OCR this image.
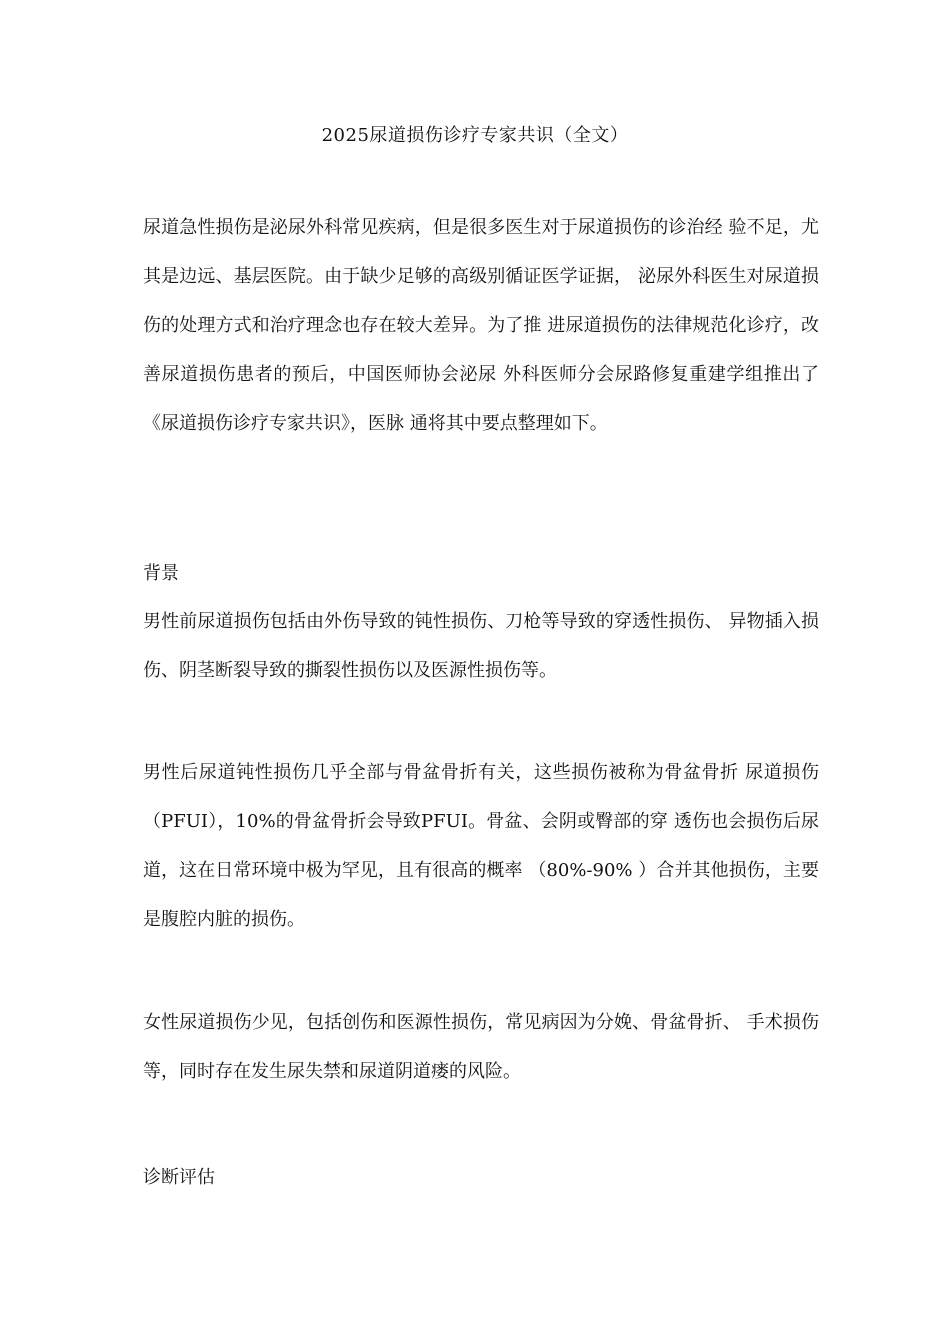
2025尿道损伤诊疗专家共识（全文）

尿道急性损伤是泌尿外科常见疾病，但是很多医生对于尿道损伤的诊治经 验不足，尤其是边远、基层医院。由于缺少足够的高级别循证医学证据， 泌尿外科医生对尿道损伤的处理方式和治疗理念也存在较大差异。为了推 进尿道损伤的法律规范化诊疗，改善尿道损伤患者的预后，中国医师协会泌尿 外科医师分会尿路修复重建学组推出了《尿道损伤诊疗专家共识》，医脉 通将其中要点整理如下。

背景

男性前尿道损伤包括由外伤导致的钝性损伤、刀枪等导致的穿透性损伤、 异物插入损伤、阴茎断裂导致的撕裂性损伤以及医源性损伤等。

男性后尿道钝性损伤几乎全部与骨盆骨折有关，这些损伤被称为骨盆骨折 尿道损伤（PFUI），10%的骨盆骨折会导致PFUI。骨盆、会阴或臀部的穿 透伤也会损伤后尿道，这在日常环境中极为罕见，且有很高的概率 （80%-90% ）合并其他损伤，主要是腹腔内脏的损伤。

女性尿道损伤少见，包括创伤和医源性损伤，常见病因为分娩、骨盆骨折、 手术损伤等，同时存在发生尿失禁和尿道阴道瘘的风险。

诊断评估
